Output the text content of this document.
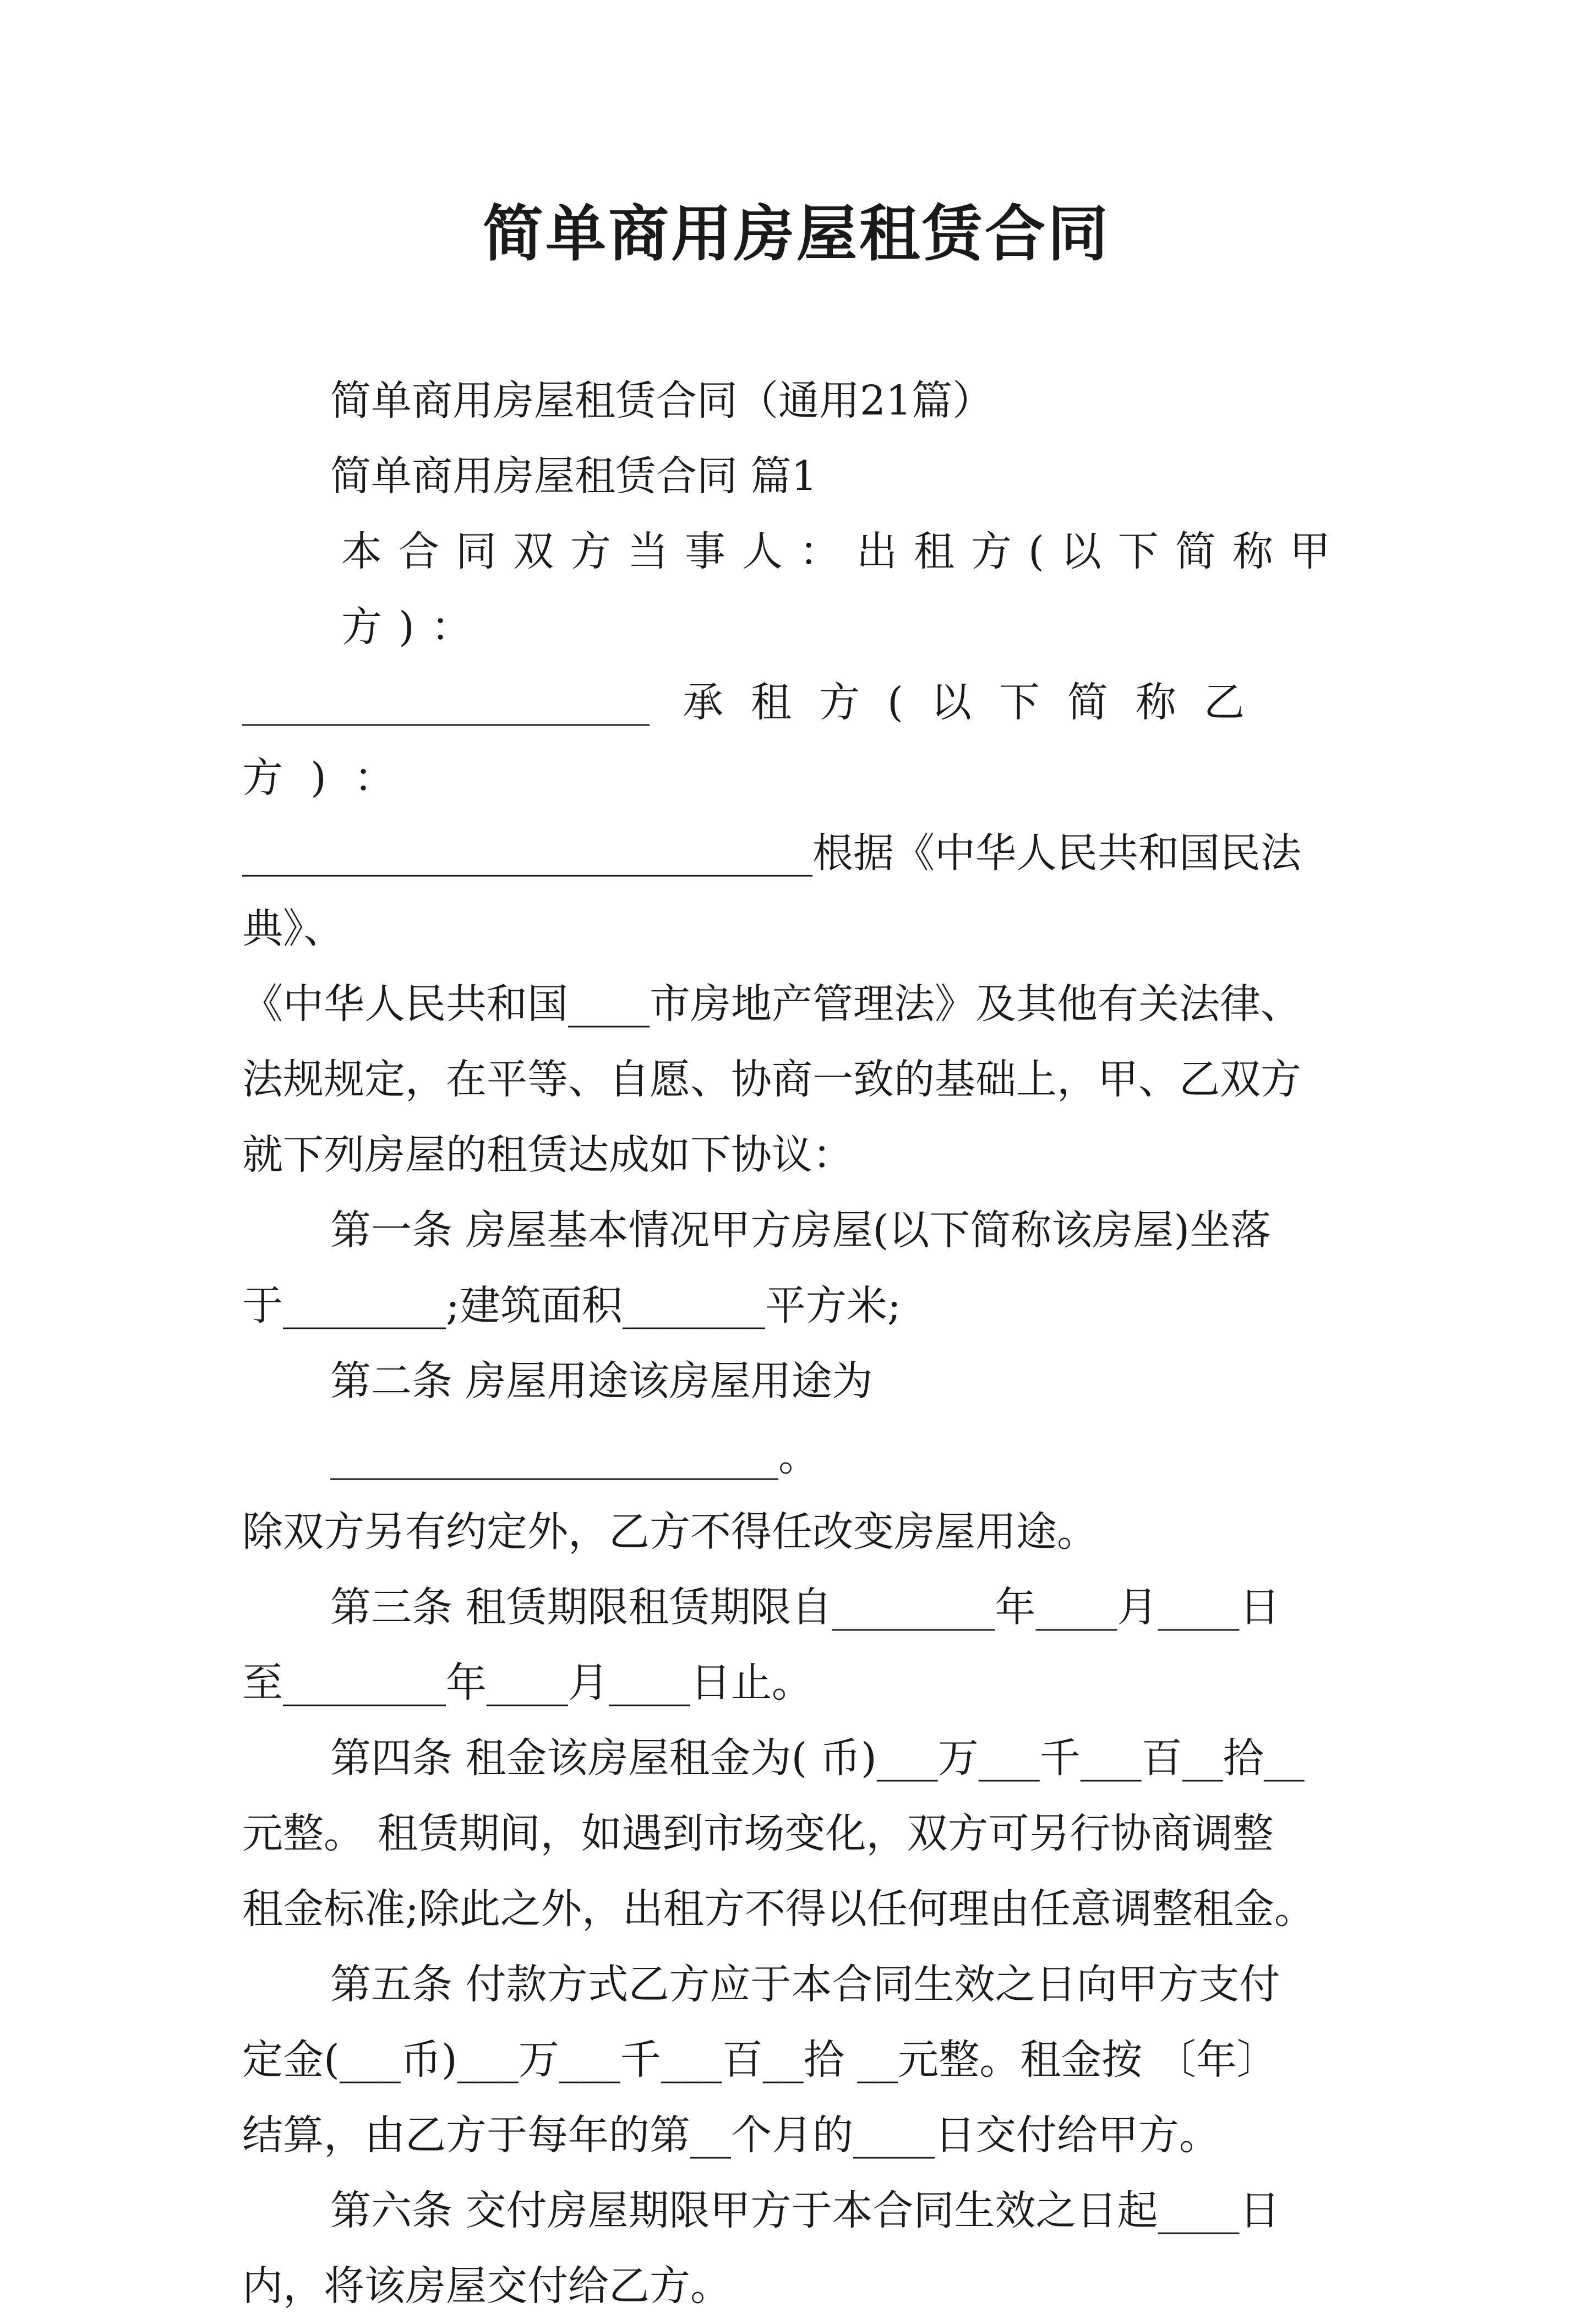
简单商用房屋租赁合同

简单商用房屋租赁合同（通用21篇）

简单商用房屋租赁合同 篇1

本合同双方当事人：出租方(以下简称甲方)：

____________________ 承租方(以下简称乙方)：

____________________________根据《中华人民共和国民法典》、

《中华人民共和国____市房地产管理法》及其他有关法律、

法规规定，在平等、自愿、协商一致的基础上，甲、乙双方

就下列房屋的租赁达成如下协议：

第一条 房屋基本情况甲方房屋(以下简称该房屋)坐落

于________;建筑面积_______平方米;

第二条 房屋用途该房屋用途为______________________。

除双方另有约定外，乙方不得任改变房屋用途。

第三条 租赁期限租赁期限自________年____月____日

至________年____月____日止。

第四条 租金该房屋租金为( 币)___万___千___百__拾__

元整。 租赁期间，如遇到市场变化，双方可另行协商调整

租金标准;除此之外，出租方不得以任何理由任意调整租金。

第五条 付款方式乙方应于本合同生效之日向甲方支付

定金(___币)___万___千___百__拾 __元整。租金按 〔年〕

结算，由乙方于每年的第__个月的____日交付给甲方。

第六条 交付房屋期限甲方于本合同生效之日起____日

内，将该房屋交付给乙方。
